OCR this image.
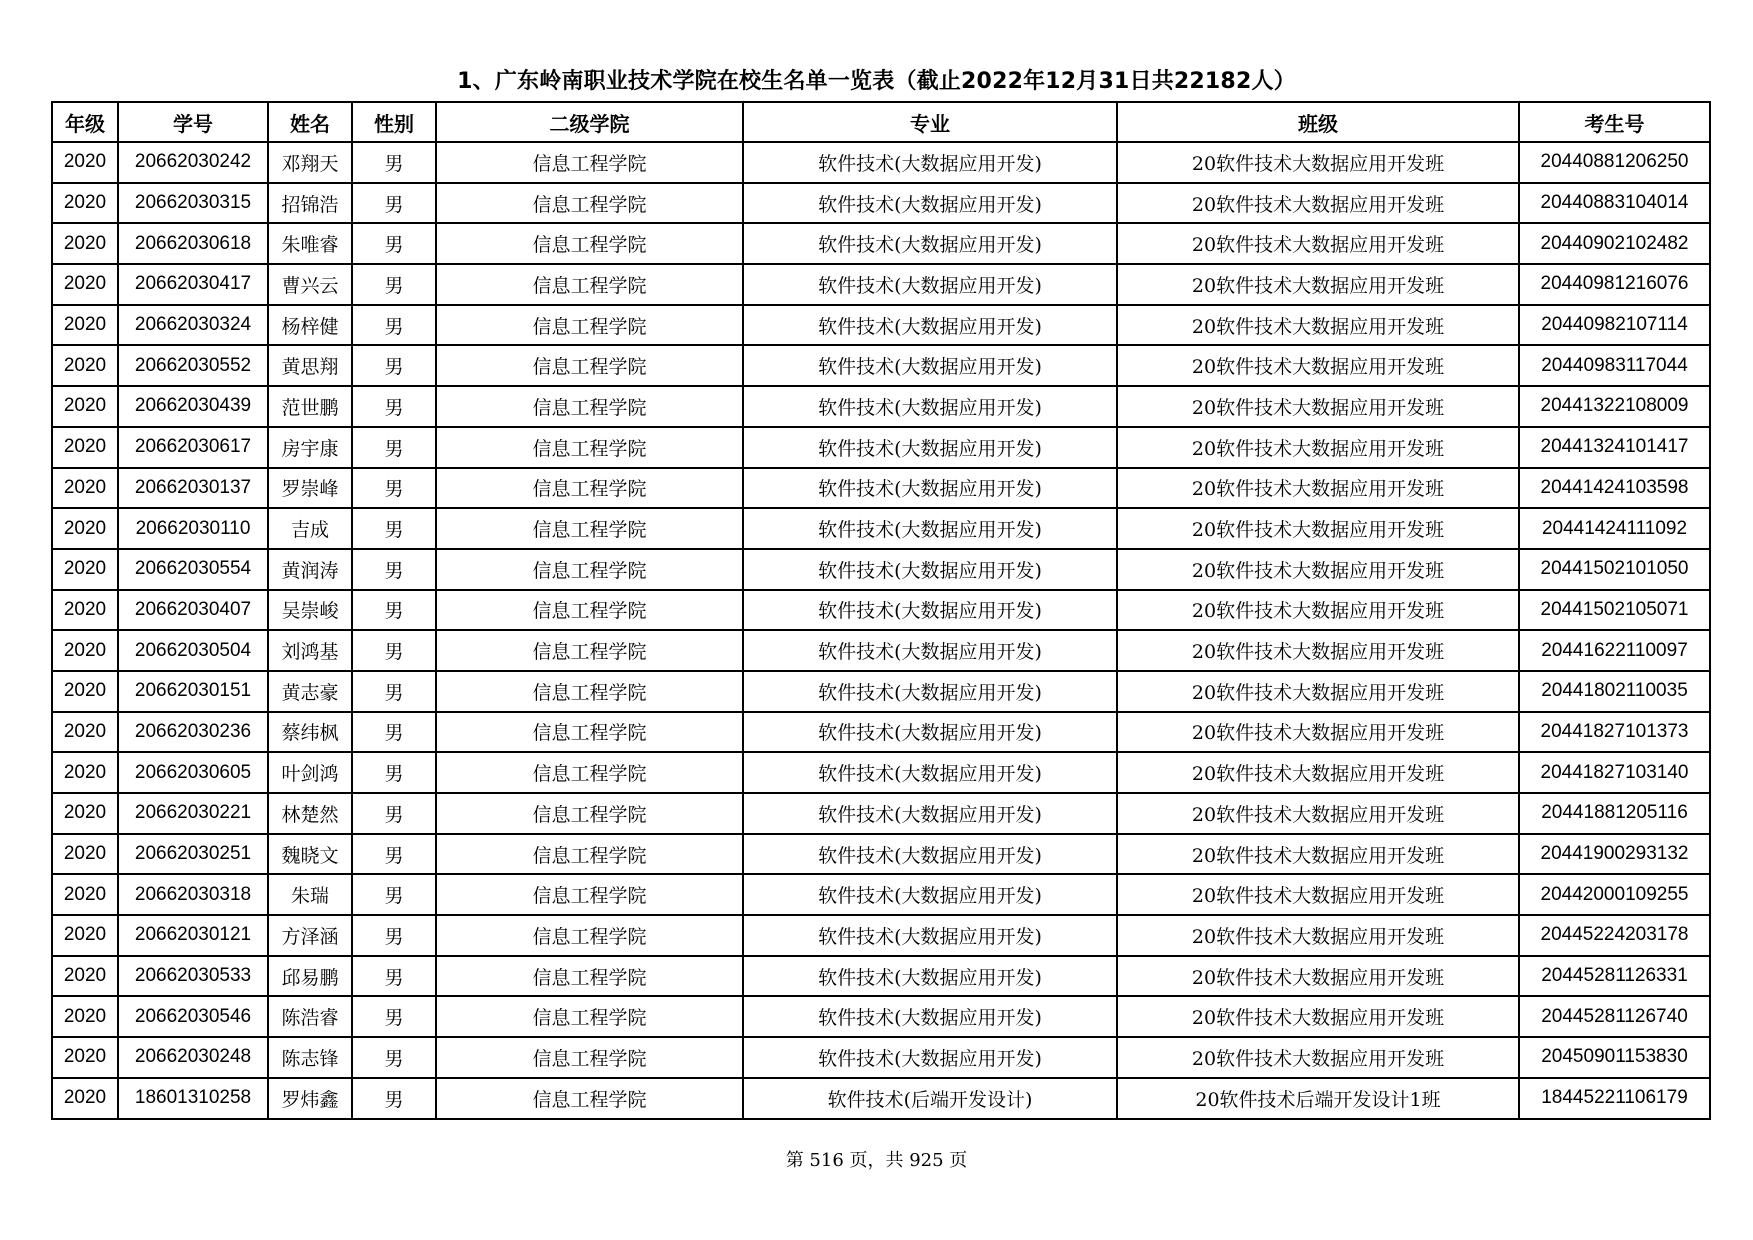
1、广东岭南职业技术学院在校生名单一览表（截止2022年12月31日共22182人）
年级	学号	姓名	性别	二级学院	专业	班级	考生号
2020	20662030242	邓翔天	男	信息工程学院	软件技术(大数据应用开发)	20软件技术大数据应用开发班	20440881206250
2020	20662030315	招锦浩	男	信息工程学院	软件技术(大数据应用开发)	20软件技术大数据应用开发班	20440883104014
2020	20662030618	朱唯睿	男	信息工程学院	软件技术(大数据应用开发)	20软件技术大数据应用开发班	20440902102482
2020	20662030417	曹兴云	男	信息工程学院	软件技术(大数据应用开发)	20软件技术大数据应用开发班	20440981216076
2020	20662030324	杨梓健	男	信息工程学院	软件技术(大数据应用开发)	20软件技术大数据应用开发班	20440982107114
2020	20662030552	黄思翔	男	信息工程学院	软件技术(大数据应用开发)	20软件技术大数据应用开发班	20440983117044
2020	20662030439	范世鹏	男	信息工程学院	软件技术(大数据应用开发)	20软件技术大数据应用开发班	20441322108009
2020	20662030617	房宇康	男	信息工程学院	软件技术(大数据应用开发)	20软件技术大数据应用开发班	20441324101417
2020	20662030137	罗崇峰	男	信息工程学院	软件技术(大数据应用开发)	20软件技术大数据应用开发班	20441424103598
2020	20662030110	吉成	男	信息工程学院	软件技术(大数据应用开发)	20软件技术大数据应用开发班	20441424111092
2020	20662030554	黄润涛	男	信息工程学院	软件技术(大数据应用开发)	20软件技术大数据应用开发班	20441502101050
2020	20662030407	吴崇峻	男	信息工程学院	软件技术(大数据应用开发)	20软件技术大数据应用开发班	20441502105071
2020	20662030504	刘鸿基	男	信息工程学院	软件技术(大数据应用开发)	20软件技术大数据应用开发班	20441622110097
2020	20662030151	黄志豪	男	信息工程学院	软件技术(大数据应用开发)	20软件技术大数据应用开发班	20441802110035
2020	20662030236	蔡纬枫	男	信息工程学院	软件技术(大数据应用开发)	20软件技术大数据应用开发班	20441827101373
2020	20662030605	叶剑鸿	男	信息工程学院	软件技术(大数据应用开发)	20软件技术大数据应用开发班	20441827103140
2020	20662030221	林楚然	男	信息工程学院	软件技术(大数据应用开发)	20软件技术大数据应用开发班	20441881205116
2020	20662030251	魏晓文	男	信息工程学院	软件技术(大数据应用开发)	20软件技术大数据应用开发班	20441900293132
2020	20662030318	朱瑞	男	信息工程学院	软件技术(大数据应用开发)	20软件技术大数据应用开发班	20442000109255
2020	20662030121	方泽涵	男	信息工程学院	软件技术(大数据应用开发)	20软件技术大数据应用开发班	20445224203178
2020	20662030533	邱易鹏	男	信息工程学院	软件技术(大数据应用开发)	20软件技术大数据应用开发班	20445281126331
2020	20662030546	陈浩睿	男	信息工程学院	软件技术(大数据应用开发)	20软件技术大数据应用开发班	20445281126740
2020	20662030248	陈志锋	男	信息工程学院	软件技术(大数据应用开发)	20软件技术大数据应用开发班	20450901153830
2020	18601310258	罗炜鑫	男	信息工程学院	软件技术(后端开发设计)	20软件技术后端开发设计1班	18445221106179
第 516 页，共 925 页
